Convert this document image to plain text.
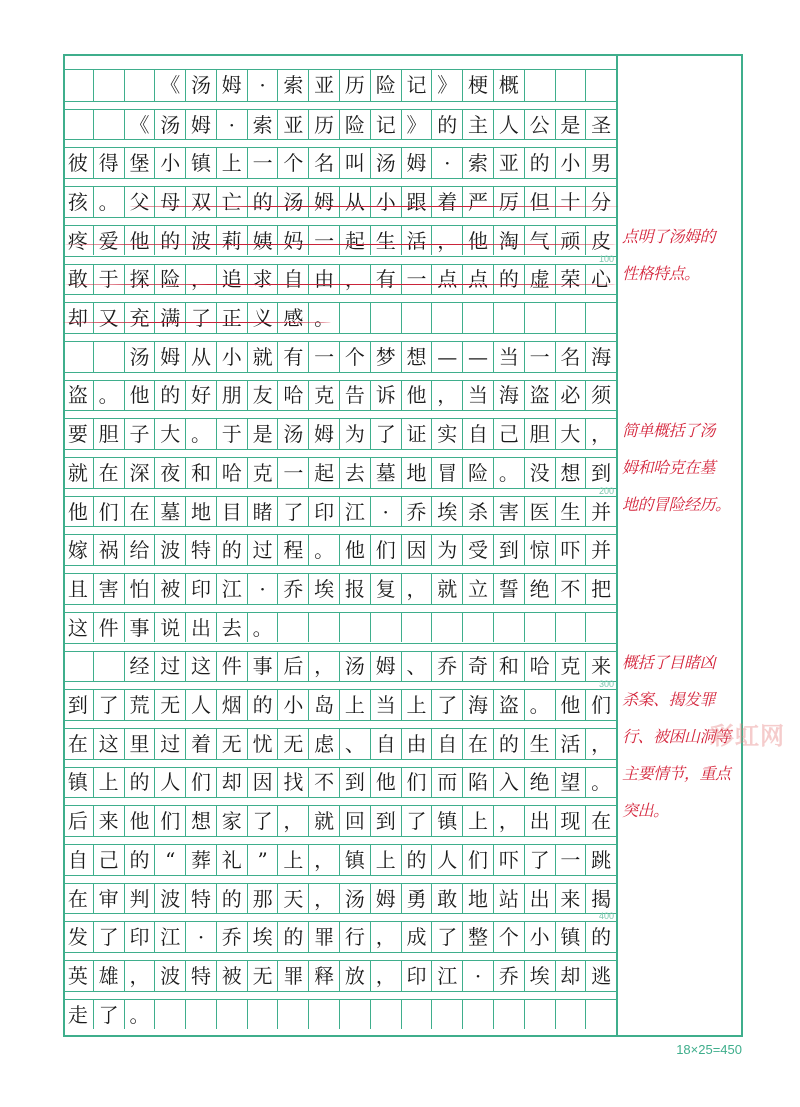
《 汤 姆 · 索 亚 历 险 记 》 梗 概
《 汤 姆 · 索 亚 历 险 记 》 的 主 人 公 是 圣
彼 得 堡 小 镇 上 一 个 名 叫 汤 姆 · 索 亚 的 小 男
孩 。 父 母 双 亡 的 汤 姆 从 小 跟 着 严 厉 但 十 分
疼 爱 他 的 波 莉 姨 妈 一 起 生 活 ， 他 淘 气 顽 皮
敢 于 探 险 ， 追 求 自 由 ， 有 一 点 点 的 虚 荣 心
100
却 又 充 满 了 正 义 感 。
汤 姆 从 小 就 有 一 个 梦 想 — — 当 一 名 海
盗 。 他 的 好 朋 友 哈 克 告 诉 他 ， 当 海 盗 必 须
要 胆 子 大 。 于 是 汤 姆 为 了 证 实 自 己 胆 大 ，
就 在 深 夜 和 哈 克 一 起 去 墓 地 冒 险 。 没 想 到
他 们 在 墓 地 目 睹 了 印 江 · 乔 埃 杀 害 医 生 并
200
嫁 祸 给 波 特 的 过 程 。 他 们 因 为 受 到 惊 吓 并
且 害 怕 被 印 江 · 乔 埃 报 复 ， 就 立 誓 绝 不 把
这 件 事 说 出 去 。
经 过 这 件 事 后 ， 汤 姆 、 乔 奇 和 哈 克 来
到 了 荒 无 人 烟 的 小 岛 上 当 上 了 海 盗 。 他 们
300
在 这 里 过 着 无 忧 无 虑 、 自 由 自 在 的 生 活 ，
镇 上 的 人 们 却 因 找 不 到 他 们 而 陷 入 绝 望 。
后 来 他 们 想 家 了 ， 就 回 到 了 镇 上 ， 出 现 在
自 己 的 “ 葬 礼 ” 上 ， 镇 上 的 人 们 吓 了 一 跳
在 审 判 波 特 的 那 天 ， 汤 姆 勇 敢 地 站 出 来 揭
发 了 印 江 · 乔 埃 的 罪 行 ， 成 了 整 个 小 镇 的
400
英 雄 ， 波 特 被 无 罪 释 放 ， 印 江 · 乔 埃 却 逃
走 了 。
点明了汤姆的
性格特点。
简单概括了汤
姆和哈克在墓
地的冒险经历。
概括了目睹凶
杀案、揭发罪
行、被困山洞等
主要情节，重点
突出。
彩虹网
18×25=450
